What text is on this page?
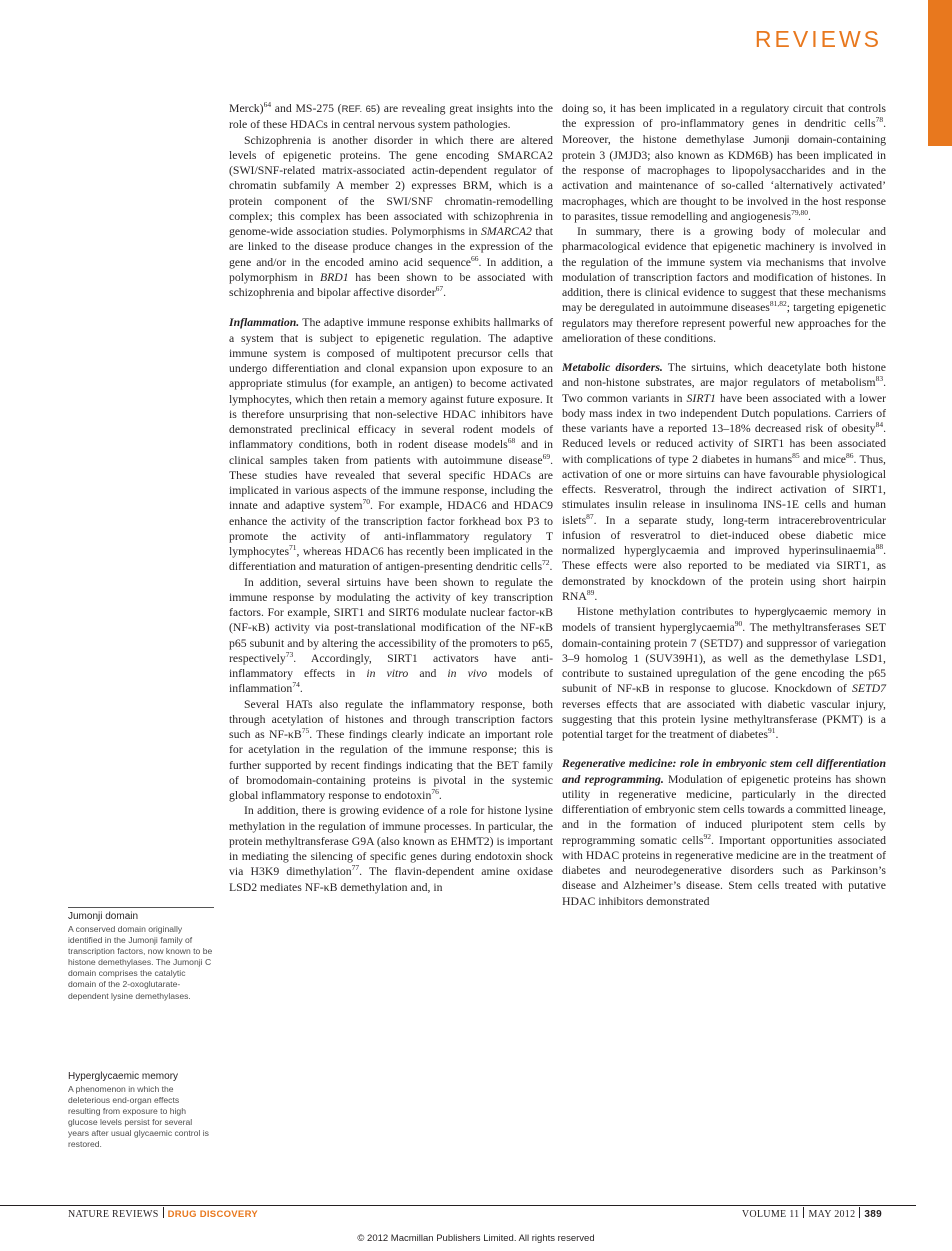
REVIEWS

Merck)$^{64}$ and MS-275 (REF. 65) are revealing great insights into the role of these HDACs in central nervous system pathologies.

Schizophrenia is another disorder in which there are altered levels of epigenetic proteins. The gene encoding SMARCA2 (SWI/SNF-related matrix-associated actin-dependent regulator of chromatin subfamily A member 2) expresses BRM, which is a protein component of the SWI/SNF chromatin-remodelling complex; this complex has been associated with schizophrenia in genome-wide association studies. Polymorphisms in SMARCA2 that are linked to the disease produce changes in the expression of the gene and/or in the encoded amino acid sequence$^{66}$. In addition, a polymorphism in BRD1 has been shown to be associated with schizophrenia and bipolar affective disorder$^{67}$.

Inflammation. The adaptive immune response exhibits hallmarks of a system that is subject to epigenetic regulation. The adaptive immune system is composed of multipotent precursor cells that undergo differentiation and clonal expansion upon exposure to an appropriate stimulus (for example, an antigen) to become activated lymphocytes, which then retain a memory against future exposure. It is therefore unsurprising that non-selective HDAC inhibitors have demonstrated preclinical efficacy in several rodent models of inflammatory conditions, both in rodent disease models$^{68}$ and in clinical samples taken from patients with autoimmune disease$^{69}$. These studies have revealed that several specific HDACs are implicated in various aspects of the immune response, including the innate and adaptive system$^{70}$. For example, HDAC6 and HDAC9 enhance the activity of the transcription factor forkhead box P3 to promote the activity of anti-inflammatory regulatory T lymphocytes$^{71}$, whereas HDAC6 has recently been implicated in the differentiation and maturation of antigen-presenting dendritic cells$^{72}$.

In addition, several sirtuins have been shown to regulate the immune response by modulating the activity of key transcription factors. For example, SIRT1 and SIRT6 modulate nuclear factor-κB (NF-κB) activity via post-translational modification of the NF-κB p65 subunit and by altering the accessibility of the promoters to p65, respectively$^{73}$. Accordingly, SIRT1 activators have anti-inflammatory effects in in vitro and in vivo models of inflammation$^{74}$.

Several HATs also regulate the inflammatory response, both through acetylation of histones and through transcription factors such as $NF-\kappa B^{75}$. These findings clearly indicate an important role for acetylation in the regulation of the immune response; this is further supported by recent findings indicating that the BET family of bromodomain-containing proteins is pivotal in the systemic global inflammatory response to endotoxin$^{76}$.

In addition, there is growing evidence of a role for histone lysine methylation in the regulation of immune processes. In particular, the protein methyltransferase G9A (also known as EHMT2) is important in mediating the silencing of specific genes during endotoxin shock via H3K9 dimethylation$^{77}$. The flavin-dependent amine oxidase LSD2 mediates NF-κB demethylation and, in

doing so, it has been implicated in a regulatory circuit that controls the expression of pro-inflammatory genes in dendritic cells$^{78}$. Moreover, the histone demethylase Jumonji domain-containing protein 3 (JMJD3; also known as KDM6B) has been implicated in the response of macrophages to lipopolysaccharides and in the activation and maintenance of so-called ‘alternatively activated’ macrophages, which are thought to be involved in the host response to parasites, tissue remodelling and angiogenesis$^{79,80}$.

In summary, there is a growing body of molecular and pharmacological evidence that epigenetic machinery is involved in the regulation of the immune system via mechanisms that involve modulation of transcription factors and modification of histones. In addition, there is clinical evidence to suggest that these mechanisms may be deregulated in autoimmune diseases$^{81,82}$; targeting epigenetic regulators may therefore represent powerful new approaches for the amelioration of these conditions.

Metabolic disorders. The sirtuins, which deacetylate both histone and non-histone substrates, are major regulators of metabolism$^{83}$. Two common variants in SIRT1 have been associated with a lower body mass index in two independent Dutch populations. Carriers of these variants have a reported 13–18% decreased risk of obesity$^{84}$. Reduced levels or reduced activity of SIRT1 has been associated with complications of type 2 diabetes in humans$^{85}$ and mice$^{86}$. Thus, activation of one or more sirtuins can have favourable physiological effects. Resveratrol, through the indirect activation of SIRT1, stimulates insulin release in insulinoma INS-1E cells and human islets$^{87}$. In a separate study, long-term intracerebroventricular infusion of resveratrol to diet-induced obese diabetic mice normalized hyperglycaemia and improved hyperinsulinaemia$^{88}$. These effects were also reported to be mediated via SIRT1, as demonstrated by knockdown of the protein using short hairpin RNA$^{89}$.

Histone methylation contributes to hyperglycaemic memory in models of transient hyperglycaemia$^{90}$. The methyltransferases SET domain-containing protein 7 (SETD7) and suppressor of variegation 3–9 homolog 1 (SUV39H1), as well as the demethylase LSD1, contribute to sustained upregulation of the gene encoding the p65 subunit of NF-κB in response to glucose. Knockdown of SETD7 reverses effects that are associated with diabetic vascular injury, suggesting that this protein lysine methyltransferase (PKMT) is a potential target for the treatment of diabetes$^{91}$.

Regenerative medicine: role in embryonic stem cell differentiation and reprogramming. Modulation of epigenetic proteins has shown utility in regenerative medicine, particularly in the directed differentiation of embryonic stem cells towards a committed lineage, and in the formation of induced pluripotent stem cells by reprogramming somatic cells$^{92}$. Important opportunities associated with HDAC proteins in regenerative medicine are in the treatment of diabetes and neurodegenerative disorders such as Parkinson’s disease and Alzheimer’s disease. Stem cells treated with putative HDAC inhibitors demonstrated

Jumonji domain
A conserved domain originally identified in the Jumonji family of transcription factors, now known to be histone demethylases. The Jumonji C domain comprises the catalytic domain of the 2-oxoglutarate-dependent lysine demethylases.
Hyperglycaemic memory
A phenomenon in which the deleterious end-organ effects resulting from exposure to high glucose levels persist for several years after usual glycaemic control is restored.

NATURE REVIEWS DRUG DISCOVERY	VOLUME 11 MAY 2012 389

© 2012 Macmillan Publishers Limited. All rights reserved
